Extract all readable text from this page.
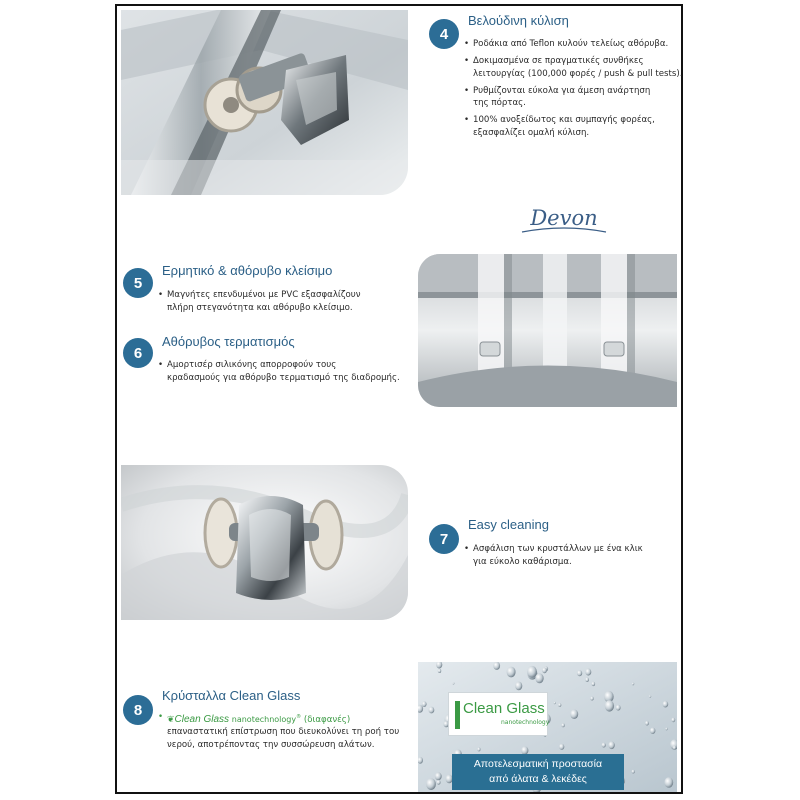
4
Βελούδινη κύλιση
• Ροδάκια από Teflon κυλούν τελείως αθόρυβα.
• Δοκιμασμένα σε πραγματικές συνθήκες
λειτουργίας (100,000 φορές / push & pull tests).
• Ρυθμίζονται εύκολα για άμεση ανάρτηση
της πόρτας.
• 100% ανοξείδωτος και συμπαγής φορέας,
εξασφαλίζει ομαλή κύλιση.
Devon
5
Ερμητικό & αθόρυβο κλείσιμο
• Μαγνήτες επενδυμένοι με PVC εξασφαλίζουν
πλήρη στεγανότητα και αθόρυβο κλείσιμο.
6
Αθόρυβος τερματισμός
• Αμορτισέρ σιλικόνης απορροφούν τους
κραδασμούς για αθόρυβο τερματισμό της διαδρομής.
7
Easy cleaning
• Ασφάλιση των κρυστάλλων με ένα κλικ
για εύκολο καθάρισμα.
8
Κρύσταλλα Clean Glass
• ❦Clean Glass nanotechnology® (διαφανές)
επαναστατική επίστρωση που διευκολύνει τη ροή του
νερού, αποτρέποντας την συσσώρευση αλάτων.
Clean Glass
nanotechnology
Αποτελεσματική προστασία
από άλατα & λεκέδες
